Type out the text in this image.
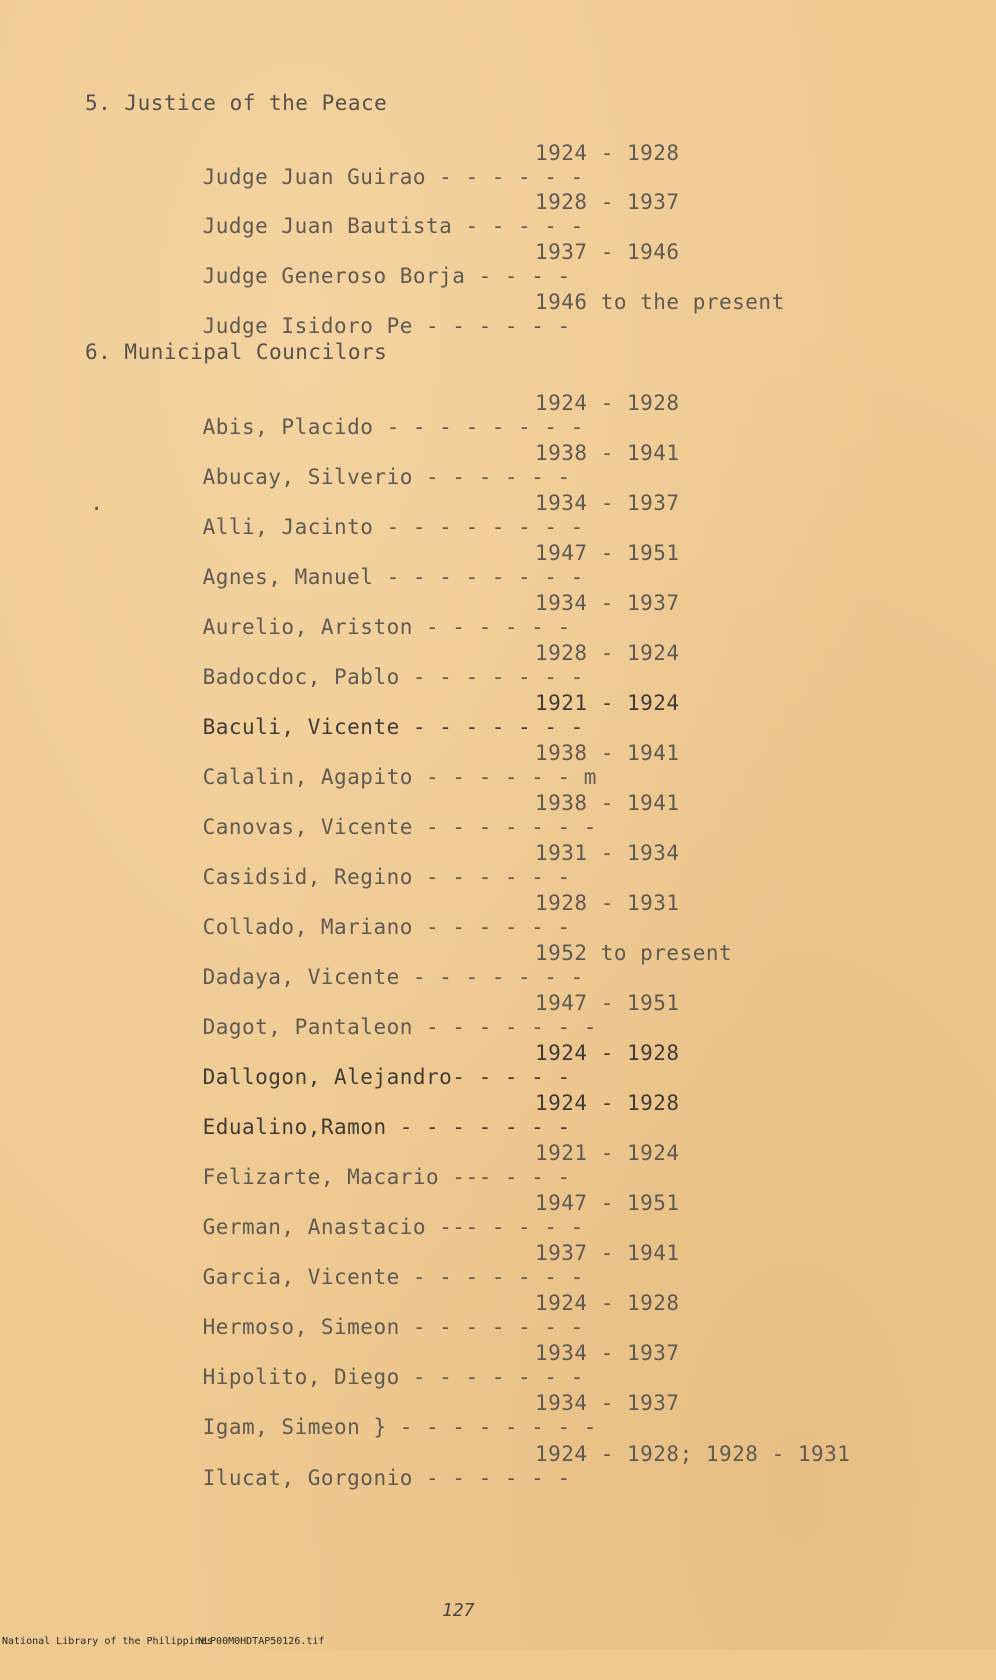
5. Justice of the Peace

Judge Juan Guirao - - - - - -

1924 - 1928

Judge Juan Bautista - - - - -

1928 - 1937

Judge Generoso Borja - - - -

1937 - 1946

Judge Isidoro Pe - - - - - -

1946 to the present

6. Municipal Councilors

Abis, Placido - - - - - - - -

1924 - 1928

Abucay, Silverio - - - - - -

1938 - 1941

.

Alli, Jacinto - - - - - - - -

1934 - 1937

Agnes, Manuel - - - - - - - -

1947 - 1951

Aurelio, Ariston - - - - - -

1934 - 1937

Badocdoc, Pablo - - - - - - -

1928 - 1924

Baculi, Vicente - - - - - - -

1921 - 1924

Calalin, Agapito - - - - - - m

1938 - 1941

Canovas, Vicente - - - - - - -

1938 - 1941

Casidsid, Regino - - - - - -

1931 - 1934

Collado, Mariano - - - - - -

1928 - 1931

Dadaya, Vicente - - - - - - -

1952 to present

Dagot, Pantaleon - - - - - - -

1947 - 1951

Dallogon, Alejandro- - - - -

1924 - 1928

Edualino,Ramon - - - - - - -

1924 - 1928

Felizarte, Macario --- - - -

1921 - 1924

German, Anastacio --- - - - -

1947 - 1951

Garcia, Vicente - - - - - - -

1937 - 1941

Hermoso, Simeon - - - - - - -

1924 - 1928

Hipolito, Diego - - - - - - -

1934 - 1937

Igam, Simeon } - - - - - - - -

1934 - 1937

Ilucat, Gorgonio - - - - - -

1924 - 1928; 1928 - 1931

127

National Library of the Philippines

NLP00M0HDTAP50126.tif
